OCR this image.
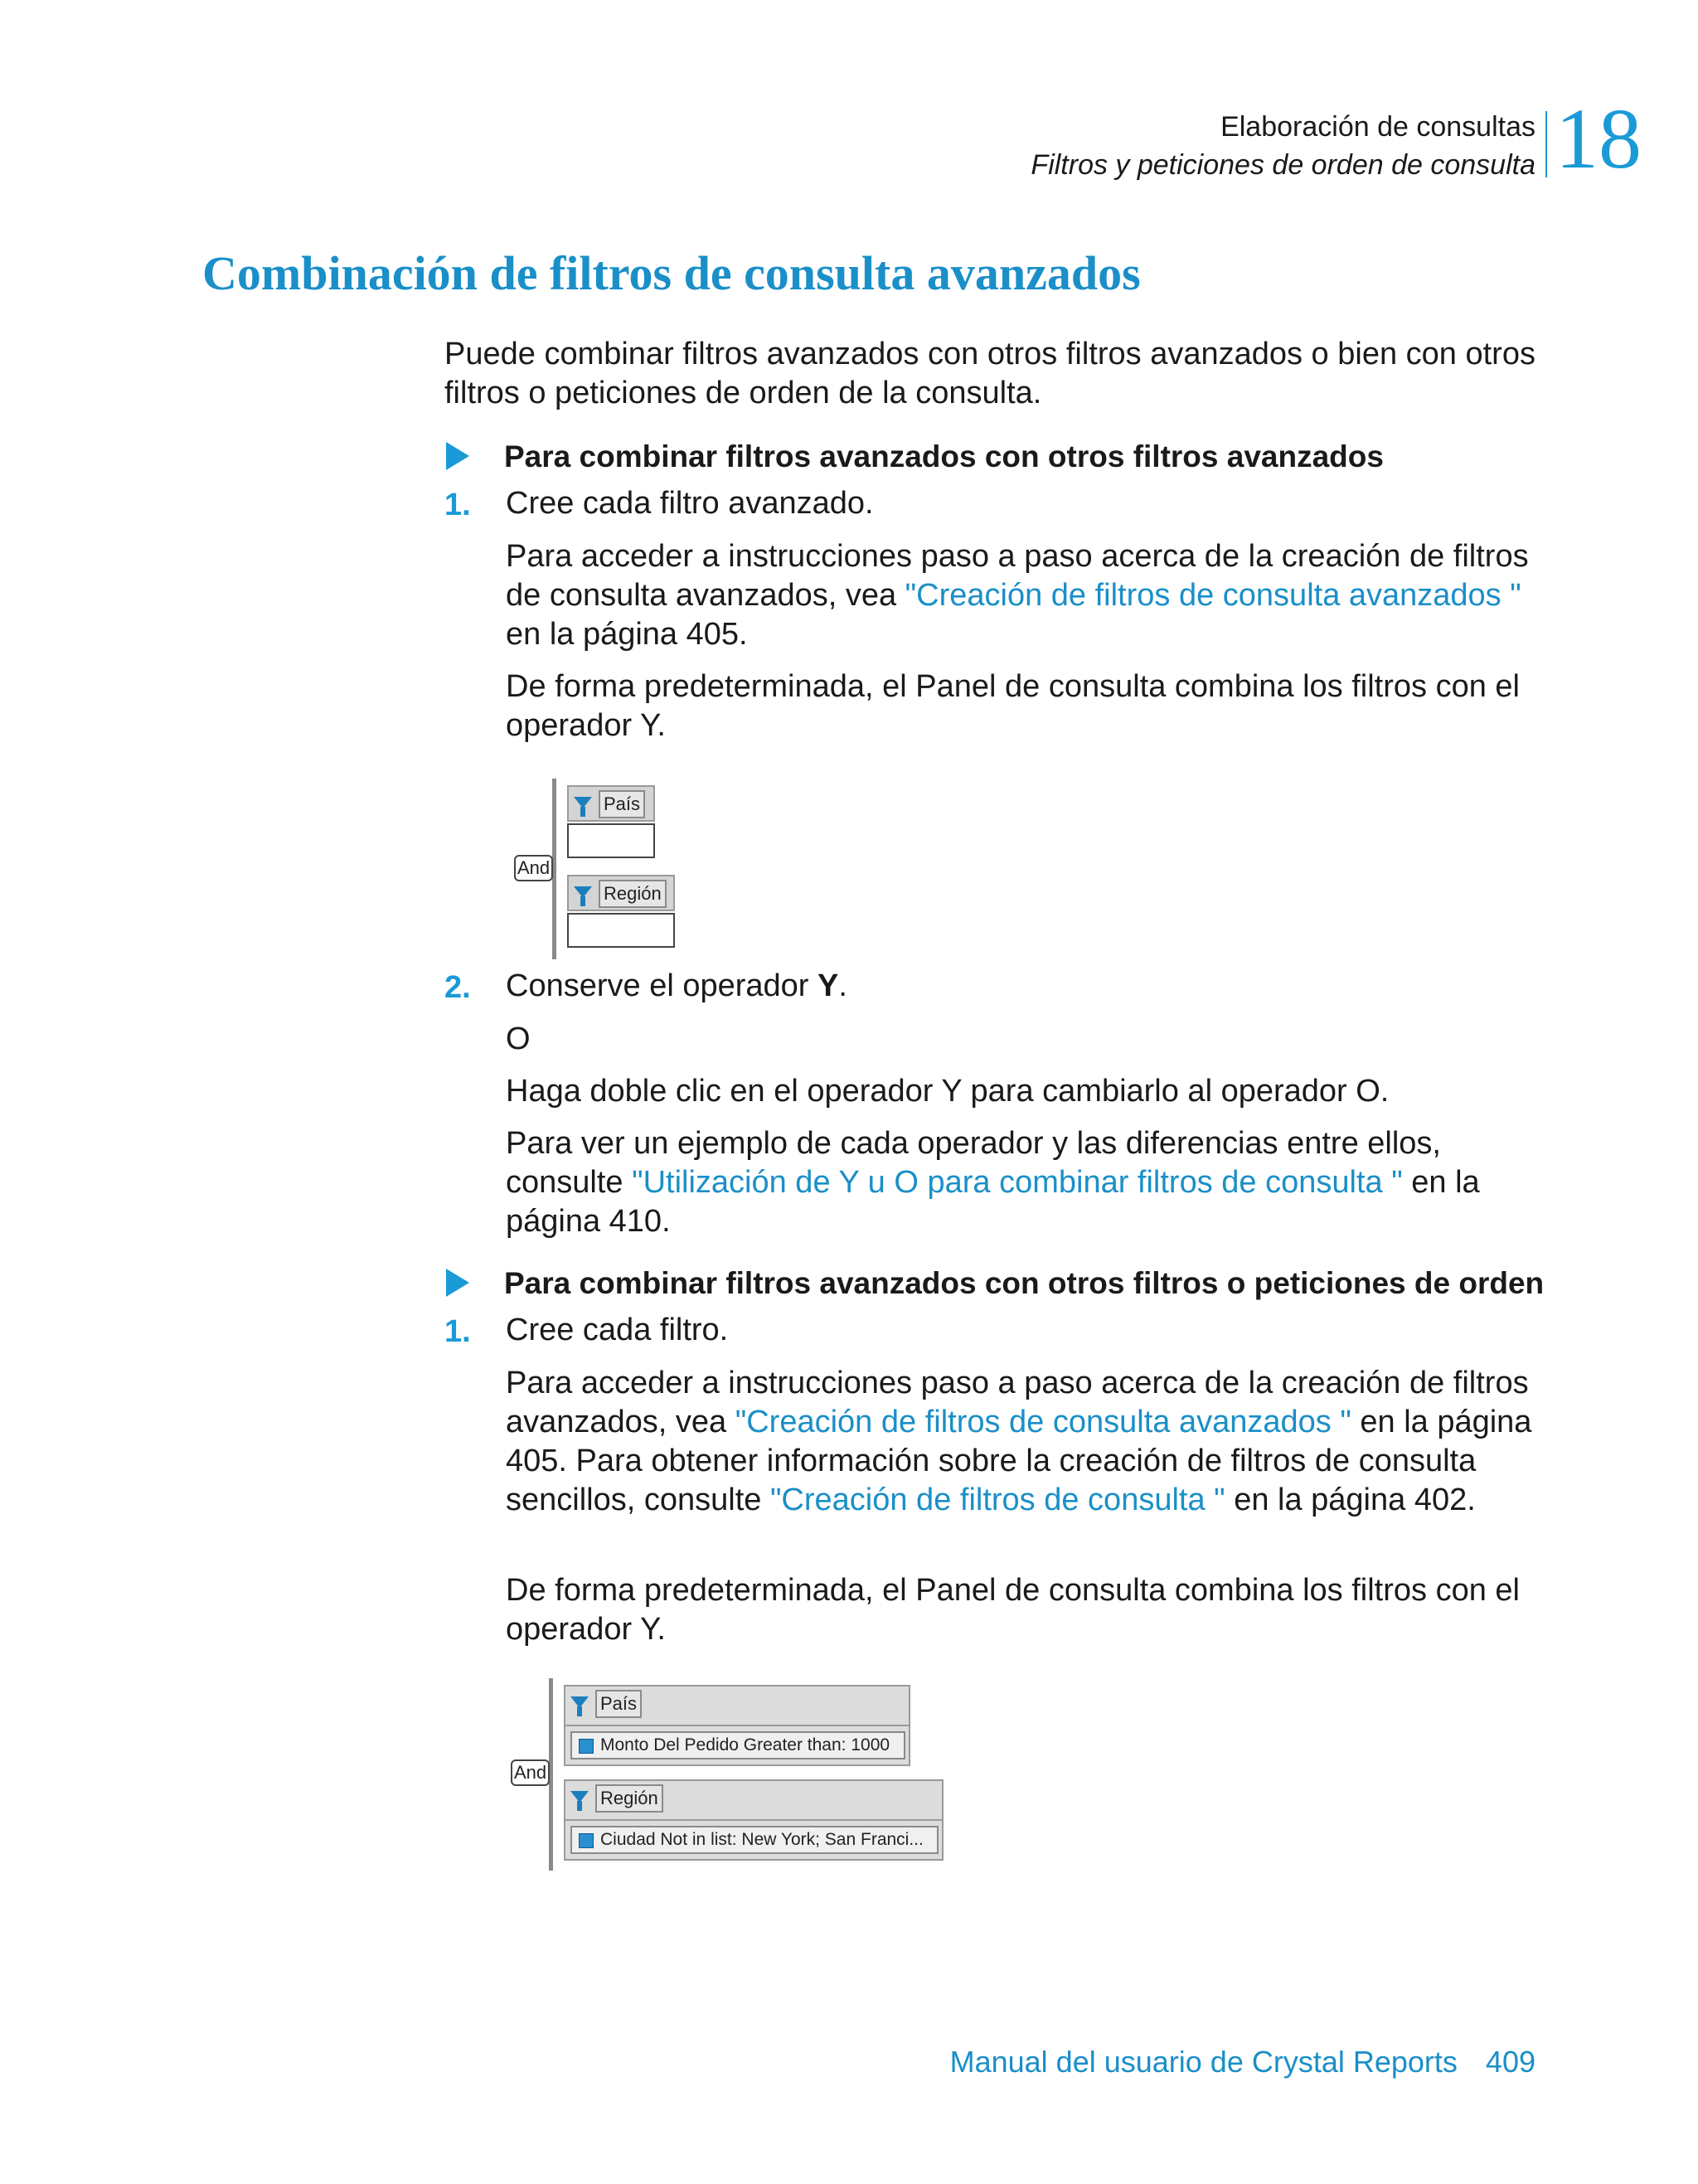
Elaboración de consultas
Filtros y peticiones de orden de consulta 18
Combinación de filtros de consulta avanzados
Puede combinar filtros avanzados con otros filtros avanzados o bien con otros filtros o peticiones de orden de la consulta.
Para combinar filtros avanzados con otros filtros avanzados
1. Cree cada filtro avanzado.
Para acceder a instrucciones paso a paso acerca de la creación de filtros de consulta avanzados, vea "Creación de filtros de consulta avanzados " en la página 405.
De forma predeterminada, el Panel de consulta combina los filtros con el operador Y.
And
País
Región
2. Conserve el operador Y.
O
Haga doble clic en el operador Y para cambiarlo al operador O.
Para ver un ejemplo de cada operador y las diferencias entre ellos, consulte "Utilización de Y u O para combinar filtros de consulta " en la página 410.
Para combinar filtros avanzados con otros filtros o peticiones de orden
1. Cree cada filtro.
Para acceder a instrucciones paso a paso acerca de la creación de filtros avanzados, vea "Creación de filtros de consulta avanzados " en la página 405. Para obtener información sobre la creación de filtros de consulta sencillos, consulte "Creación de filtros de consulta " en la página 402.
De forma predeterminada, el Panel de consulta combina los filtros con el operador Y.
And
País
Monto Del Pedido Greater than: 1000
Región
Ciudad Not in list: New York; San Franci...
Manual del usuario de Crystal Reports 409
